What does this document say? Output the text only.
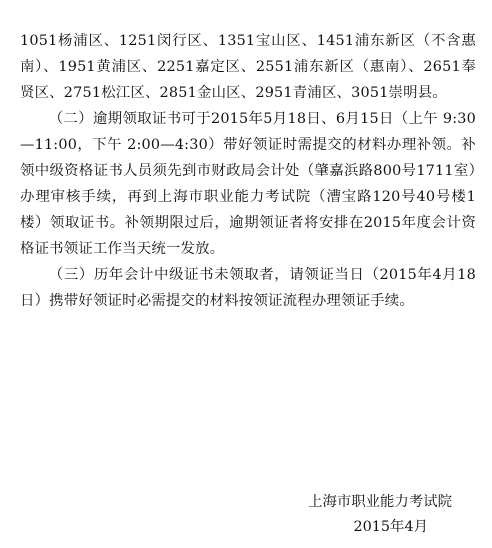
1051杨浦区、1251闵行区、1351宝山区、1451浦东新区（不含惠南）、1951黄浦区、2251嘉定区、2551浦东新区（惠南）、2651奉贤区、2751松江区、2851金山区、2951青浦区、3051崇明县。

（二）逾期领取证书可于2015年5月18日、6月15日（上午 9:30—11:00，下午 2:00—4:30）带好领证时需提交的材料办理补领。补领中级资格证书人员须先到市财政局会计处（肇嘉浜路800号1711室）办理审核手续，再到上海市职业能力考试院（漕宝路120号40号楼1楼）领取证书。补领期限过后，逾期领证者将安排在2015年度会计资格证书领证工作当天统一发放。

（三）历年会计中级证书未领取者，请领证当日（2015年4月18日）携带好领证时必需提交的材料按领证流程办理领证手续。

上海市职业能力考试院
2015年4月
